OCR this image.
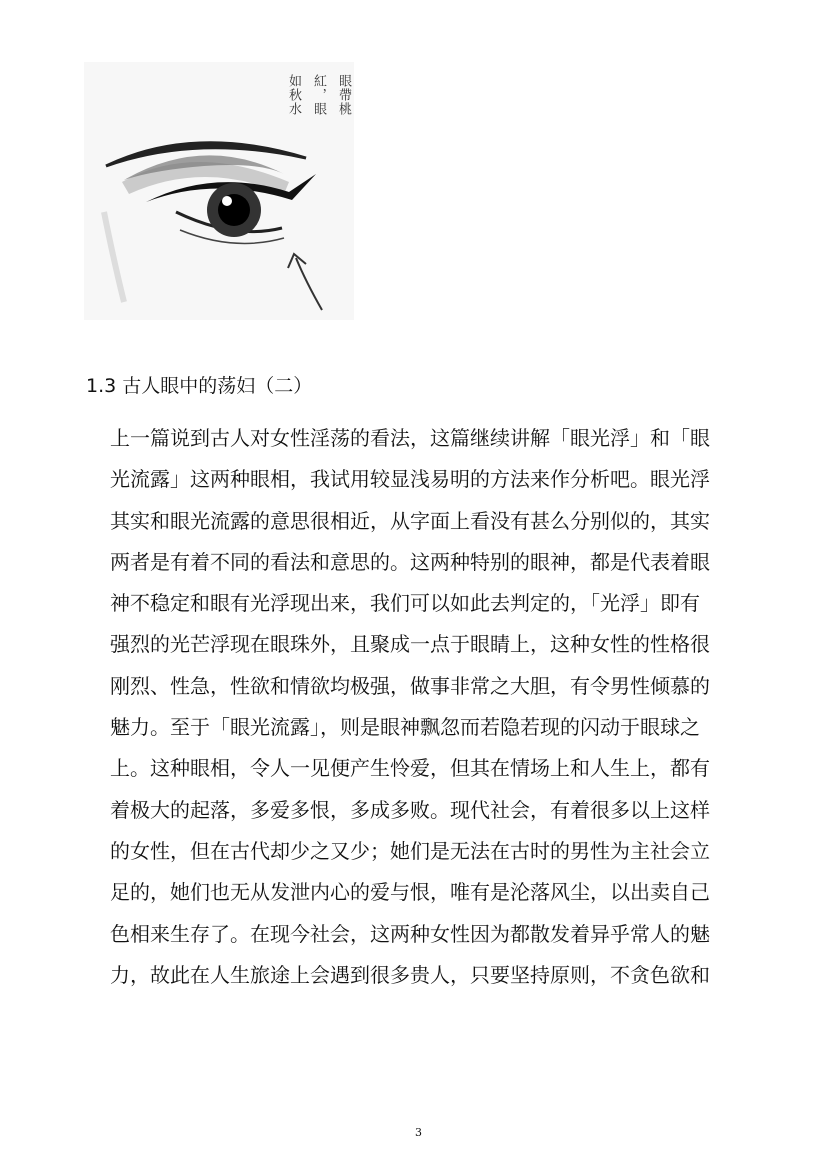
眼帶桃
紅，眼
如秋水
1.3 古人眼中的荡妇（二）
上一篇说到古人对女性淫荡的看法，这篇继续讲解「眼光浮」和「眼
光流露」这两种眼相，我试用较显浅易明的方法来作分析吧。眼光浮
其实和眼光流露的意思很相近，从字面上看没有甚么分别似的，其实
两者是有着不同的看法和意思的。这两种特别的眼神，都是代表着眼
神不稳定和眼有光浮现出来，我们可以如此去判定的，「光浮」即有
强烈的光芒浮现在眼珠外，且聚成一点于眼睛上，这种女性的性格很
刚烈、性急，性欲和情欲均极强，做事非常之大胆，有令男性倾慕的
魅力。至于「眼光流露」，则是眼神飘忽而若隐若现的闪动于眼球之
上。这种眼相，令人一见便产生怜爱，但其在情场上和人生上，都有
着极大的起落，多爱多恨，多成多败。现代社会，有着很多以上这样
的女性，但在古代却少之又少；她们是无法在古时的男性为主社会立
足的，她们也无从发泄内心的爱与恨，唯有是沦落风尘，以出卖自己
色相来生存了。在现今社会，这两种女性因为都散发着异乎常人的魅
力，故此在人生旅途上会遇到很多贵人，只要坚持原则，不贪色欲和
3
